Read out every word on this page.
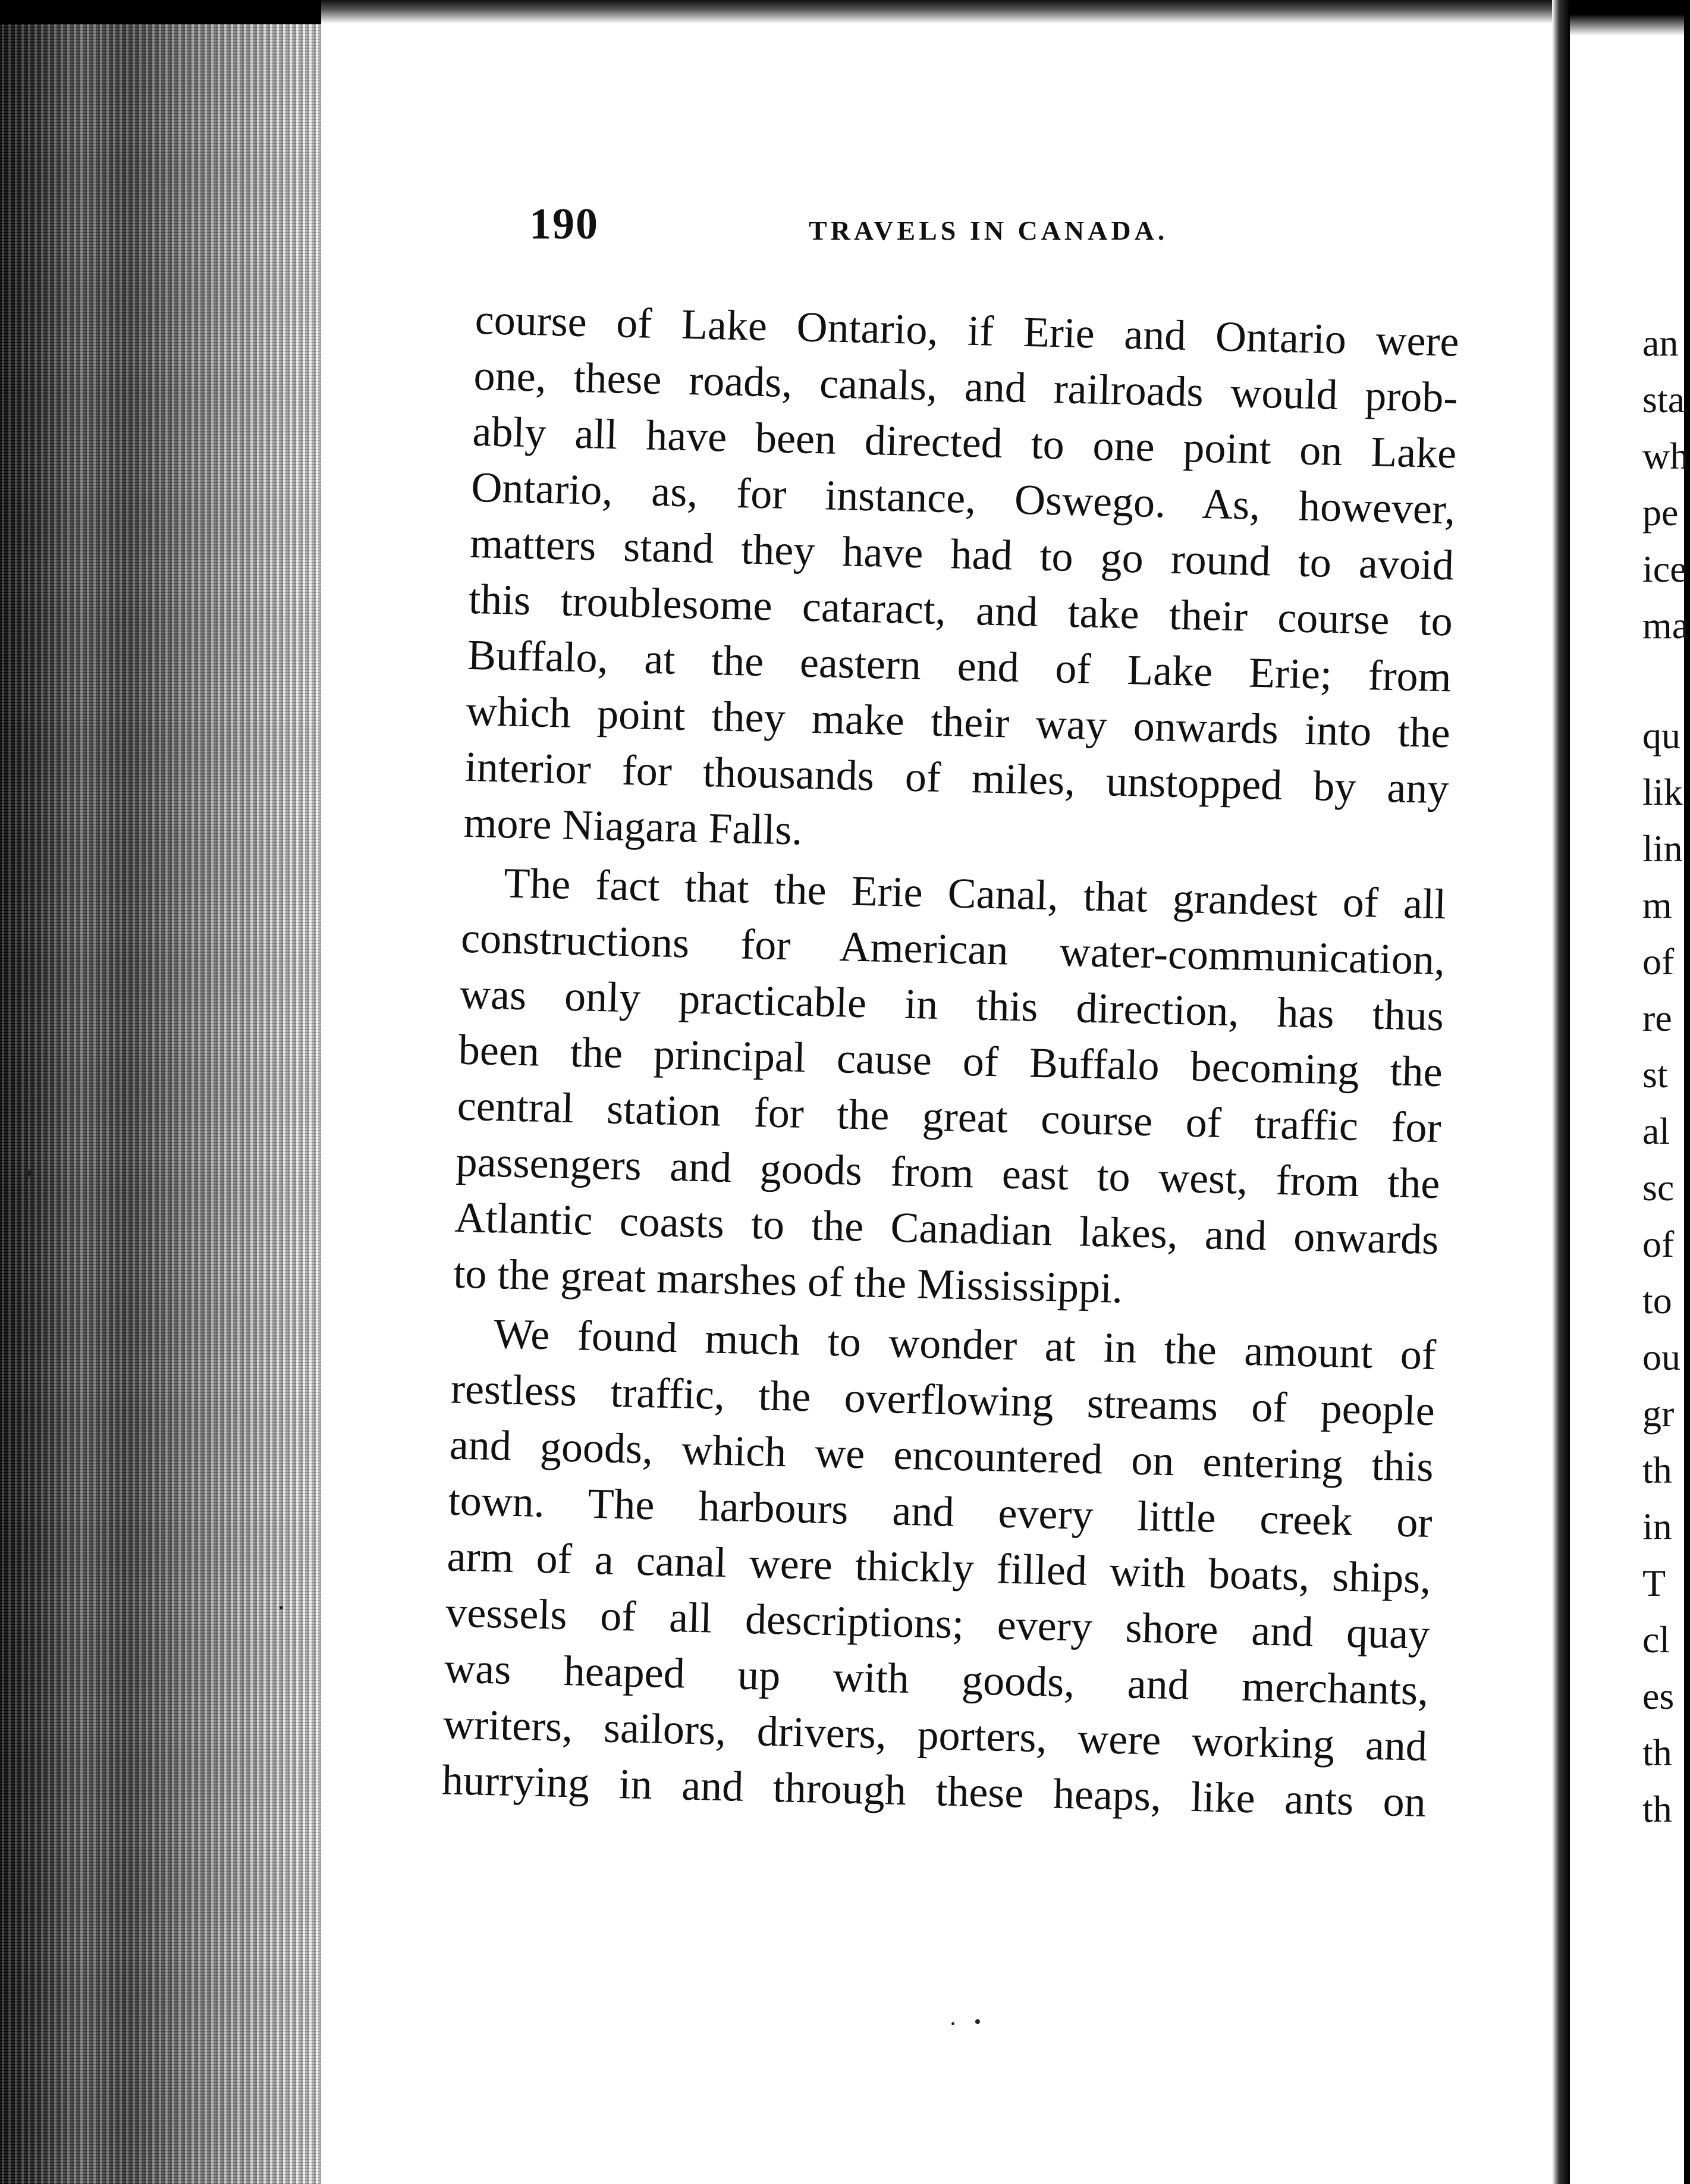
190	TRAVELS IN CANADA.
course of Lake Ontario, if Erie and Ontario were
one, these roads, canals, and railroads would prob-
ably all have been directed to one point on Lake
Ontario, as, for instance, Oswego. As, however,
matters stand they have had to go round to avoid
this troublesome cataract, and take their course to
Buffalo, at the eastern end of Lake Erie; from
which point they make their way onwards into the
interior for thousands of miles, unstopped by any
more Niagara Falls.
The fact that the Erie Canal, that grandest of all
constructions for American water-communication,
was only practicable in this direction, has thus
been the principal cause of Buffalo becoming the
central station for the great course of traffic for
passengers and goods from east to west, from the
Atlantic coasts to the Canadian lakes, and onwards
to the great marshes of the Mississippi.
We found much to wonder at in the amount of
restless traffic, the overflowing streams of people
and goods, which we encountered on entering this
town. The harbours and every little creek or
arm of a canal were thickly filled with boats, ships,
vessels of all descriptions; every shore and quay
was heaped up with goods, and merchants,
writers, sailors, drivers, porters, were working and
hurrying in and through these heaps, like ants on
an
sta
wh
pe
ice
ma
qu
lik
lin
m
of
re
st
al
sc
of
to
ou
gr
th
in
T
cl
es
th
th
